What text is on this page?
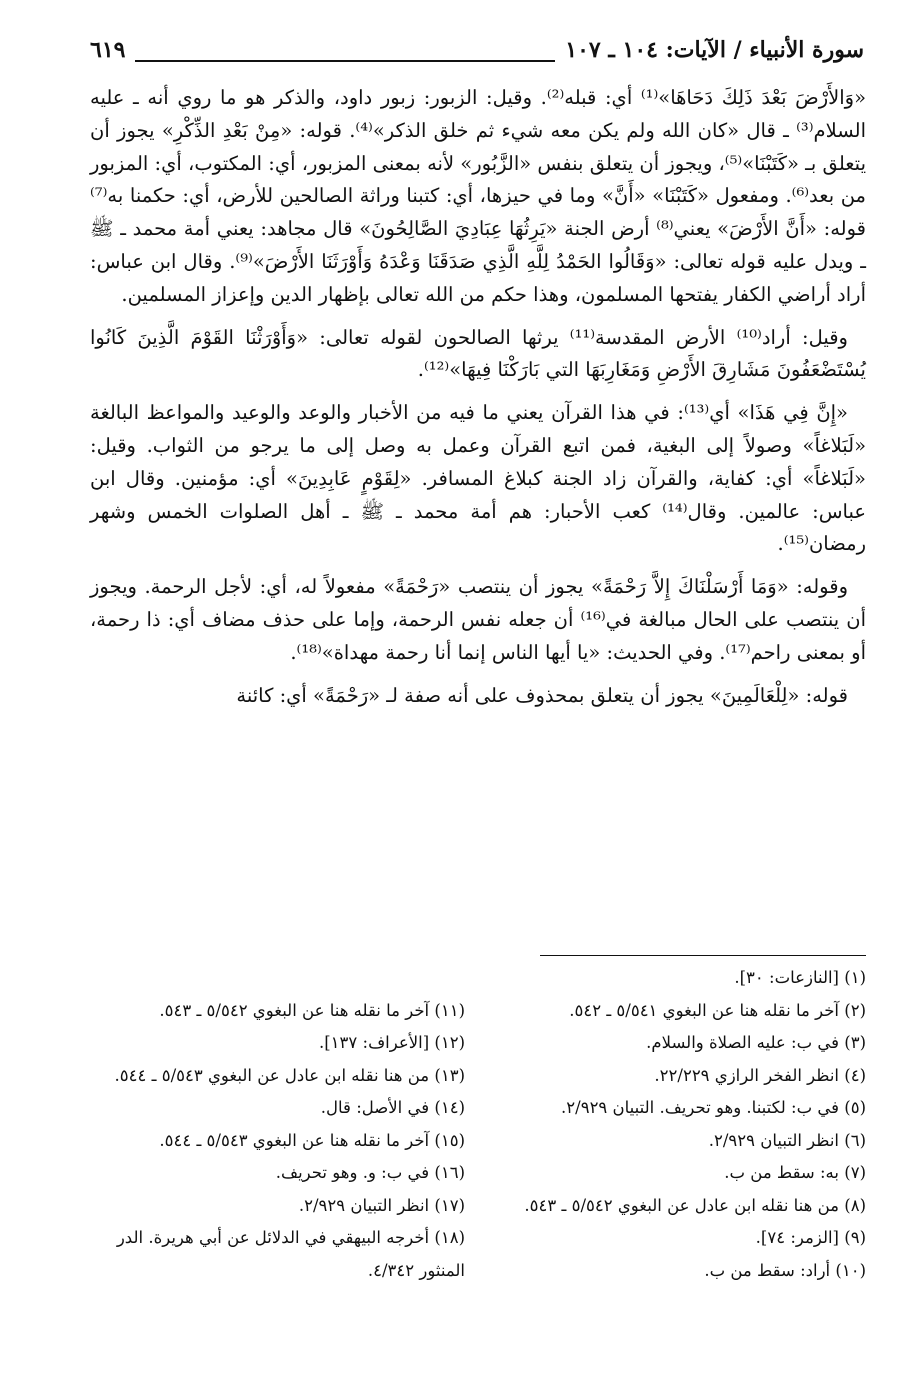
سورة الأنبياء / الآيات: ١٠٤ ـ ١٠٧
٦١٩

«وَالأَرْضَ بَعْدَ ذَلِكَ دَحَاهَا»⁽¹⁾ أي: قبله⁽²⁾. وقيل: الزبور: زبور داود، والذكر هو ما روي أنه ـ عليه السلام⁽³⁾ ـ قال «كان الله ولم يكن معه شيء ثم خلق الذكر»⁽⁴⁾. قوله: «مِنْ بَعْدِ الذِّكْرِ» يجوز أن يتعلق بـ «كَتَبْنَا»⁽⁵⁾، ويجوز أن يتعلق بنفس «الزَّبُور» لأنه بمعنى المزبور، أي: المكتوب، أي: المزبور من بعد⁽⁶⁾. ومفعول «كَتَبْنَا» «أَنَّ» وما في حيزها، أي: كتبنا وراثة الصالحين للأرض، أي: حكمنا به⁽⁷⁾ قوله: «أَنَّ الأَرْضَ» يعني⁽⁸⁾ أرض الجنة «يَرِثُهَا عِبَادِيَ الصَّالِحُونَ» قال مجاهد: يعني أمة محمد ـ ﷺ ـ ويدل عليه قوله تعالى: «وَقَالُوا الحَمْدُ لِلَّهِ الَّذِي صَدَقَنَا وَعْدَهُ وَأَوْرَثَنَا الأَرْضَ»⁽⁹⁾. وقال ابن عباس: أراد أراضي الكفار يفتحها المسلمون، وهذا حكم من الله تعالى بإظهار الدين وإعزاز المسلمين.

وقيل: أراد⁽¹⁰⁾ الأرض المقدسة⁽¹¹⁾ يرثها الصالحون لقوله تعالى: «وَأَوْرَثْنَا القَوْمَ الَّذِينَ كَانُوا يُسْتَضْعَفُونَ مَشَارِقَ الأَرْضِ وَمَغَارِبَهَا التي بَارَكْنَا فِيهَا»⁽¹²⁾.

«إِنَّ فِي هَذَا» أي⁽¹³⁾: في هذا القرآن يعني ما فيه من الأخبار والوعد والوعيد والمواعظ البالغة «لَبَلاغاً» وصولاً إلى البغية، فمن اتبع القرآن وعمل به وصل إلى ما يرجو من الثواب. وقيل: «لَبَلاغاً» أي: كفاية، والقرآن زاد الجنة كبلاغ المسافر. «لِقَوْمٍ عَابِدِينَ» أي: مؤمنين. وقال ابن عباس: عالمين. وقال⁽¹⁴⁾ كعب الأحبار: هم أمة محمد ـ ﷺ ـ أهل الصلوات الخمس وشهر رمضان⁽¹⁵⁾.

وقوله: «وَمَا أَرْسَلْنَاكَ إِلاَّ رَحْمَةً» يجوز أن ينتصب «رَحْمَةً» مفعولاً له، أي: لأجل الرحمة. ويجوز أن ينتصب على الحال مبالغة في⁽¹⁶⁾ أن جعله نفس الرحمة، وإما على حذف مضاف أي: ذا رحمة، أو بمعنى راحم⁽¹⁷⁾. وفي الحديث: «يا أيها الناس إنما أنا رحمة مهداة»⁽¹⁸⁾.

قوله: «لِلْعَالَمِينَ» يجوز أن يتعلق بمحذوف على أنه صفة لـ «رَحْمَةً» أي: كائنة

(١) [النازعات: ٣٠].
(٢) آخر ما نقله هنا عن البغوي ٥/٥٤١ ـ ٥٤٢.
(٣) في ب: عليه الصلاة والسلام.
(٤) انظر الفخر الرازي ٢٢/٢٢٩.
(٥) في ب: لكتبنا. وهو تحريف. التبيان ٢/٩٢٩.
(٦) انظر التبيان ٢/٩٢٩.
(٧) به: سقط من ب.
(٨) من هنا نقله ابن عادل عن البغوي ٥/٥٤٢ ـ ٥٤٣.
(٩) [الزمر: ٧٤].
(١٠) أراد: سقط من ب.
(١١) آخر ما نقله هنا عن البغوي ٥/٥٤٢ ـ ٥٤٣.
(١٢) [الأعراف: ١٣٧].
(١٣) من هنا نقله ابن عادل عن البغوي ٥/٥٤٣ ـ ٥٤٤.
(١٤) في الأصل: قال.
(١٥) آخر ما نقله هنا عن البغوي ٥/٥٤٣ ـ ٥٤٤.
(١٦) في ب: و. وهو تحريف.
(١٧) انظر التبيان ٢/٩٢٩.
(١٨) أخرجه البيهقي في الدلائل عن أبي هريرة. الدر المنثور ٤/٣٤٢.
